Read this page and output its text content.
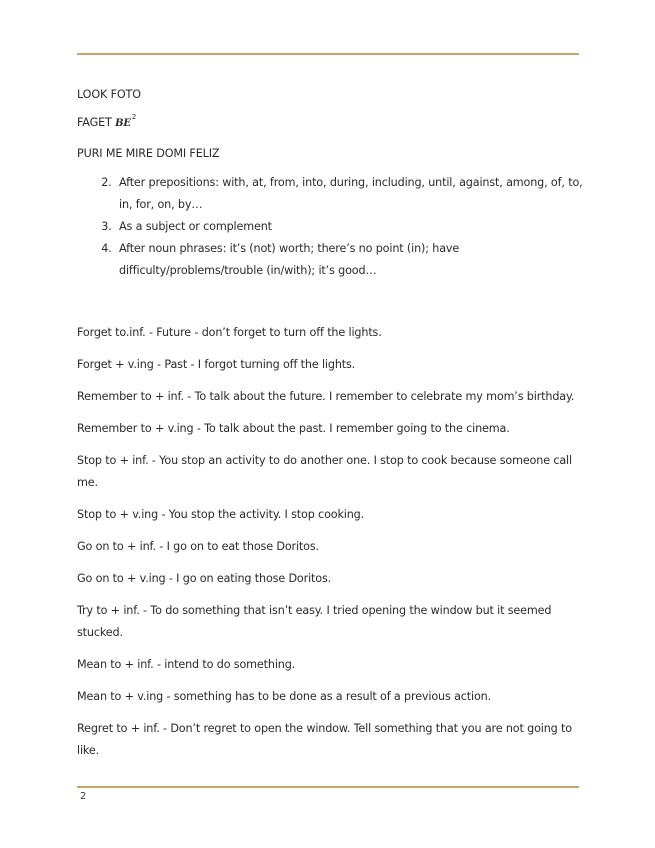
LOOK FOTO

FAGET $BE^2$

PURI ME MIRE DOMI FELIZ

2. After prepositions: with, at, from, into, during, including, until, against, among, of, to, in, for, on, by…
3. As a subject or complement
4. After noun phrases: it’s (not) worth; there’s no point (in); have difficulty/problems/trouble (in/with); it’s good…

Forget to.inf. - Future - don’t forget to turn off the lights.

Forget + v.ing - Past - I forgot turning off the lights.

Remember to + inf. - To talk about the future. I remember to celebrate my mom’s birthday.

Remember to + v.ing - To talk about the past. I remember going to the cinema.

Stop to + inf. - You stop an activity to do another one. I stop to cook because someone call me.

Stop to + v.ing - You stop the activity. I stop cooking.

Go on to + inf. - I go on to eat those Doritos.

Go on to + v.ing - I go on eating those Doritos.

Try to + inf. - To do something that isn’t easy. I tried opening the window but it seemed stucked.

Mean to + inf. - intend to do something.

Mean to + v.ing - something has to be done as a result of a previous action.

Regret to + inf. - Don’t regret to open the window. Tell something that you are not going to like.

2
